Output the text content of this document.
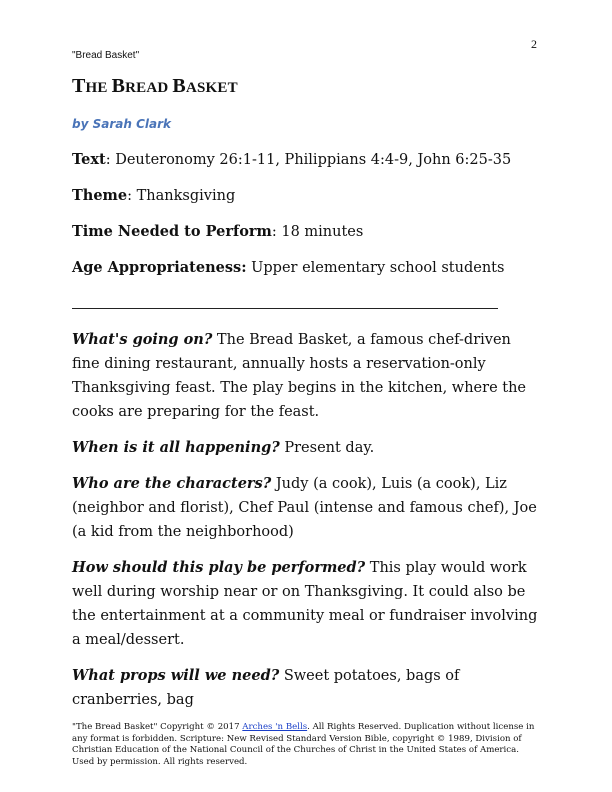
2
"Bread Basket"
THE BREAD BASKET
by Sarah Clark
Text: Deuteronomy 26:1-11, Philippians 4:4-9, John 6:25-35
Theme: Thanksgiving
Time Needed to Perform: 18 minutes
Age Appropriateness: Upper elementary school students

What's going on? The Bread Basket, a famous chef-driven fine dining restaurant, annually hosts a reservation-only Thanksgiving feast. The play begins in the kitchen, where the cooks are preparing for the feast.

When is it all happening? Present day.

Who are the characters? Judy (a cook), Luis (a cook), Liz (neighbor and florist), Chef Paul (intense and famous chef), Joe (a kid from the neighborhood)

How should this play be performed? This play would work well during worship near or on Thanksgiving. It could also be the entertainment at a community meal or fundraiser involving a meal/dessert.

What props will we need? Sweet potatoes, bags of cranberries, bag

"The Bread Basket" Copyright © 2017 Arches 'n Bells. All Rights Reserved. Duplication without license in any format is forbidden. Scripture: New Revised Standard Version Bible, copyright © 1989, Division of Christian Education of the National Council of the Churches of Christ in the United States of America. Used by permission. All rights reserved.
